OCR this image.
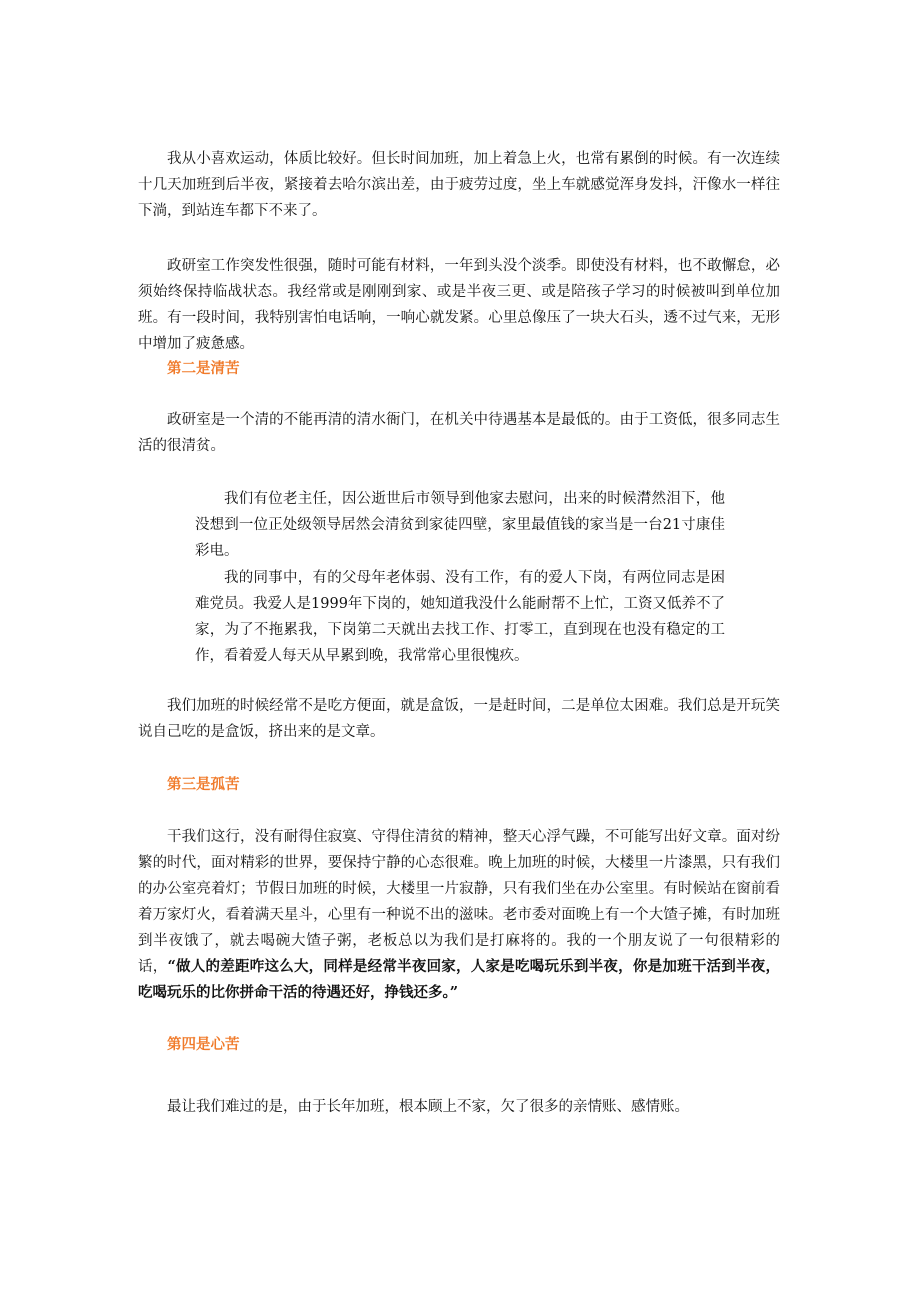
我从小喜欢运动，体质比较好。但长时间加班，加上着急上火，也常有累倒的时候。有一次连续十几天加班到后半夜，紧接着去哈尔滨出差，由于疲劳过度，坐上车就感觉浑身发抖，汗像水一样往下淌，到站连车都下不来了。

政研室工作突发性很强，随时可能有材料，一年到头没个淡季。即使没有材料，也不敢懈怠，必须始终保持临战状态。我经常或是刚刚到家、或是半夜三更、或是陪孩子学习的时候被叫到单位加班。有一段时间，我特别害怕电话响，一响心就发紧。心里总像压了一块大石头，透不过气来，无形中增加了疲惫感。

第二是清苦

政研室是一个清的不能再清的清水衙门，在机关中待遇基本是最低的。由于工资低，很多同志生活的很清贫。

我们有位老主任，因公逝世后市领导到他家去慰问，出来的时候潸然泪下，他没想到一位正处级领导居然会清贫到家徒四壁，家里最值钱的家当是一台21寸康佳彩电。

我的同事中，有的父母年老体弱、没有工作，有的爱人下岗，有两位同志是困难党员。我爱人是1999年下岗的，她知道我没什么能耐帮不上忙，工资又低养不了家，为了不拖累我，下岗第二天就出去找工作、打零工，直到现在也没有稳定的工作，看着爱人每天从早累到晚，我常常心里很愧疚。

我们加班的时候经常不是吃方便面，就是盒饭，一是赶时间，二是单位太困难。我们总是开玩笑说自己吃的是盒饭，挤出来的是文章。

第三是孤苦

干我们这行，没有耐得住寂寞、守得住清贫的精神，整天心浮气躁，不可能写出好文章。面对纷繁的时代，面对精彩的世界，要保持宁静的心态很难。晚上加班的时候，大楼里一片漆黑，只有我们的办公室亮着灯；节假日加班的时候，大楼里一片寂静，只有我们坐在办公室里。有时候站在窗前看着万家灯火，看着满天星斗，心里有一种说不出的滋味。老市委对面晚上有一个大馇子摊，有时加班到半夜饿了，就去喝碗大馇子粥，老板总以为我们是打麻将的。我的一个朋友说了一句很精彩的话，“做人的差距咋这么大，同样是经常半夜回家，人家是吃喝玩乐到半夜，你是加班干活到半夜，吃喝玩乐的比你拼命干活的待遇还好，挣钱还多。”

第四是心苦

最让我们难过的是，由于长年加班，根本顾上不家，欠了很多的亲情账、感情账。
